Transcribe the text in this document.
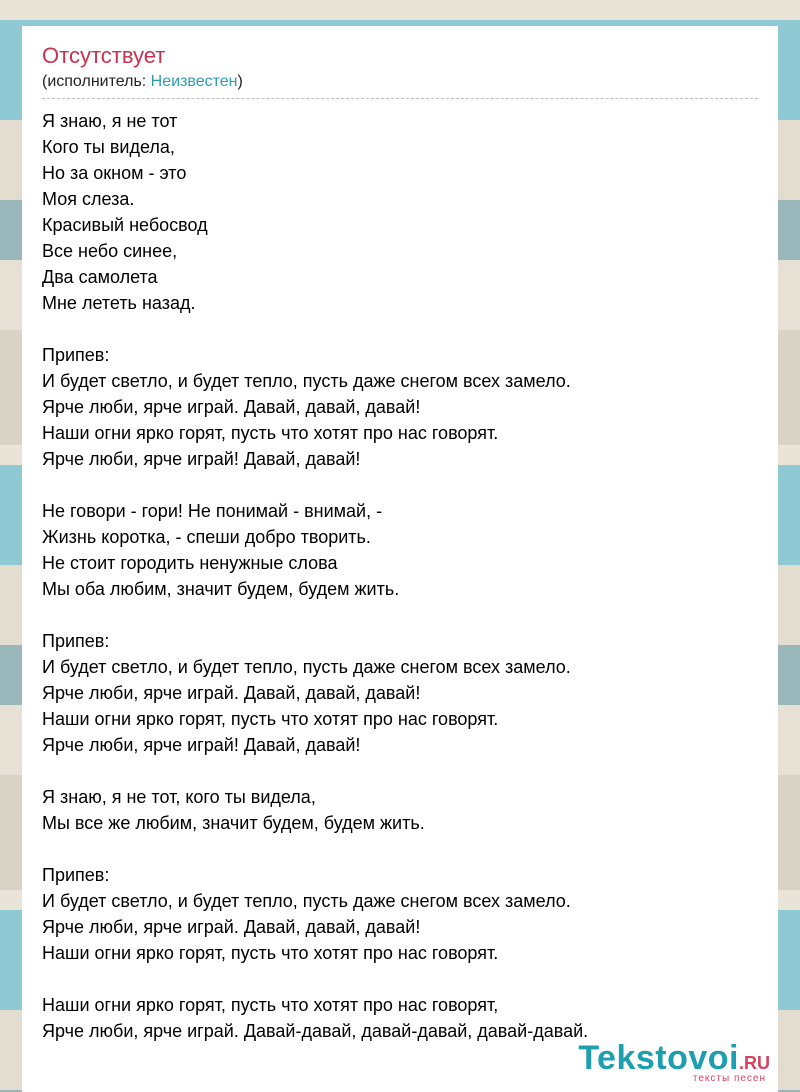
Отсутствует
(исполнитель: Неизвестен)
Я знаю, я не тот
Кого ты видела,
Но за окном - это
Моя слеза.
Красивый небосвод
Все небо синее,
Два самолета
Мне лететь назад.
Припев:
И будет светло, и будет тепло, пусть даже снегом всех замело.
Ярче люби, ярче играй. Давай, давай, давай!
Наши огни ярко горят, пусть что хотят про нас говорят.
Ярче люби, ярче играй! Давай, давай!
Не говори - гори! Не понимай - внимай, -
Жизнь коротка, - спеши добро творить.
Не стоит городить ненужные слова
Мы оба любим, значит будем, будем жить.
Припев:
И будет светло, и будет тепло, пусть даже снегом всех замело.
Ярче люби, ярче играй. Давай, давай, давай!
Наши огни ярко горят, пусть что хотят про нас говорят.
Ярче люби, ярче играй! Давай, давай!
Я знаю, я не тот, кого ты видела,
Мы все же любим, значит будем, будем жить.
Припев:
И будет светло, и будет тепло, пусть даже снегом всех замело.
Ярче люби, ярче играй. Давай, давай, давай!
Наши огни ярко горят, пусть что хотят про нас говорят.
Наши огни ярко горят, пусть что хотят про нас говорят,
Ярче люби, ярче играй. Давай-давай, давай-давай, давай-давай.
Tekstovoi.RU
тексты песен
